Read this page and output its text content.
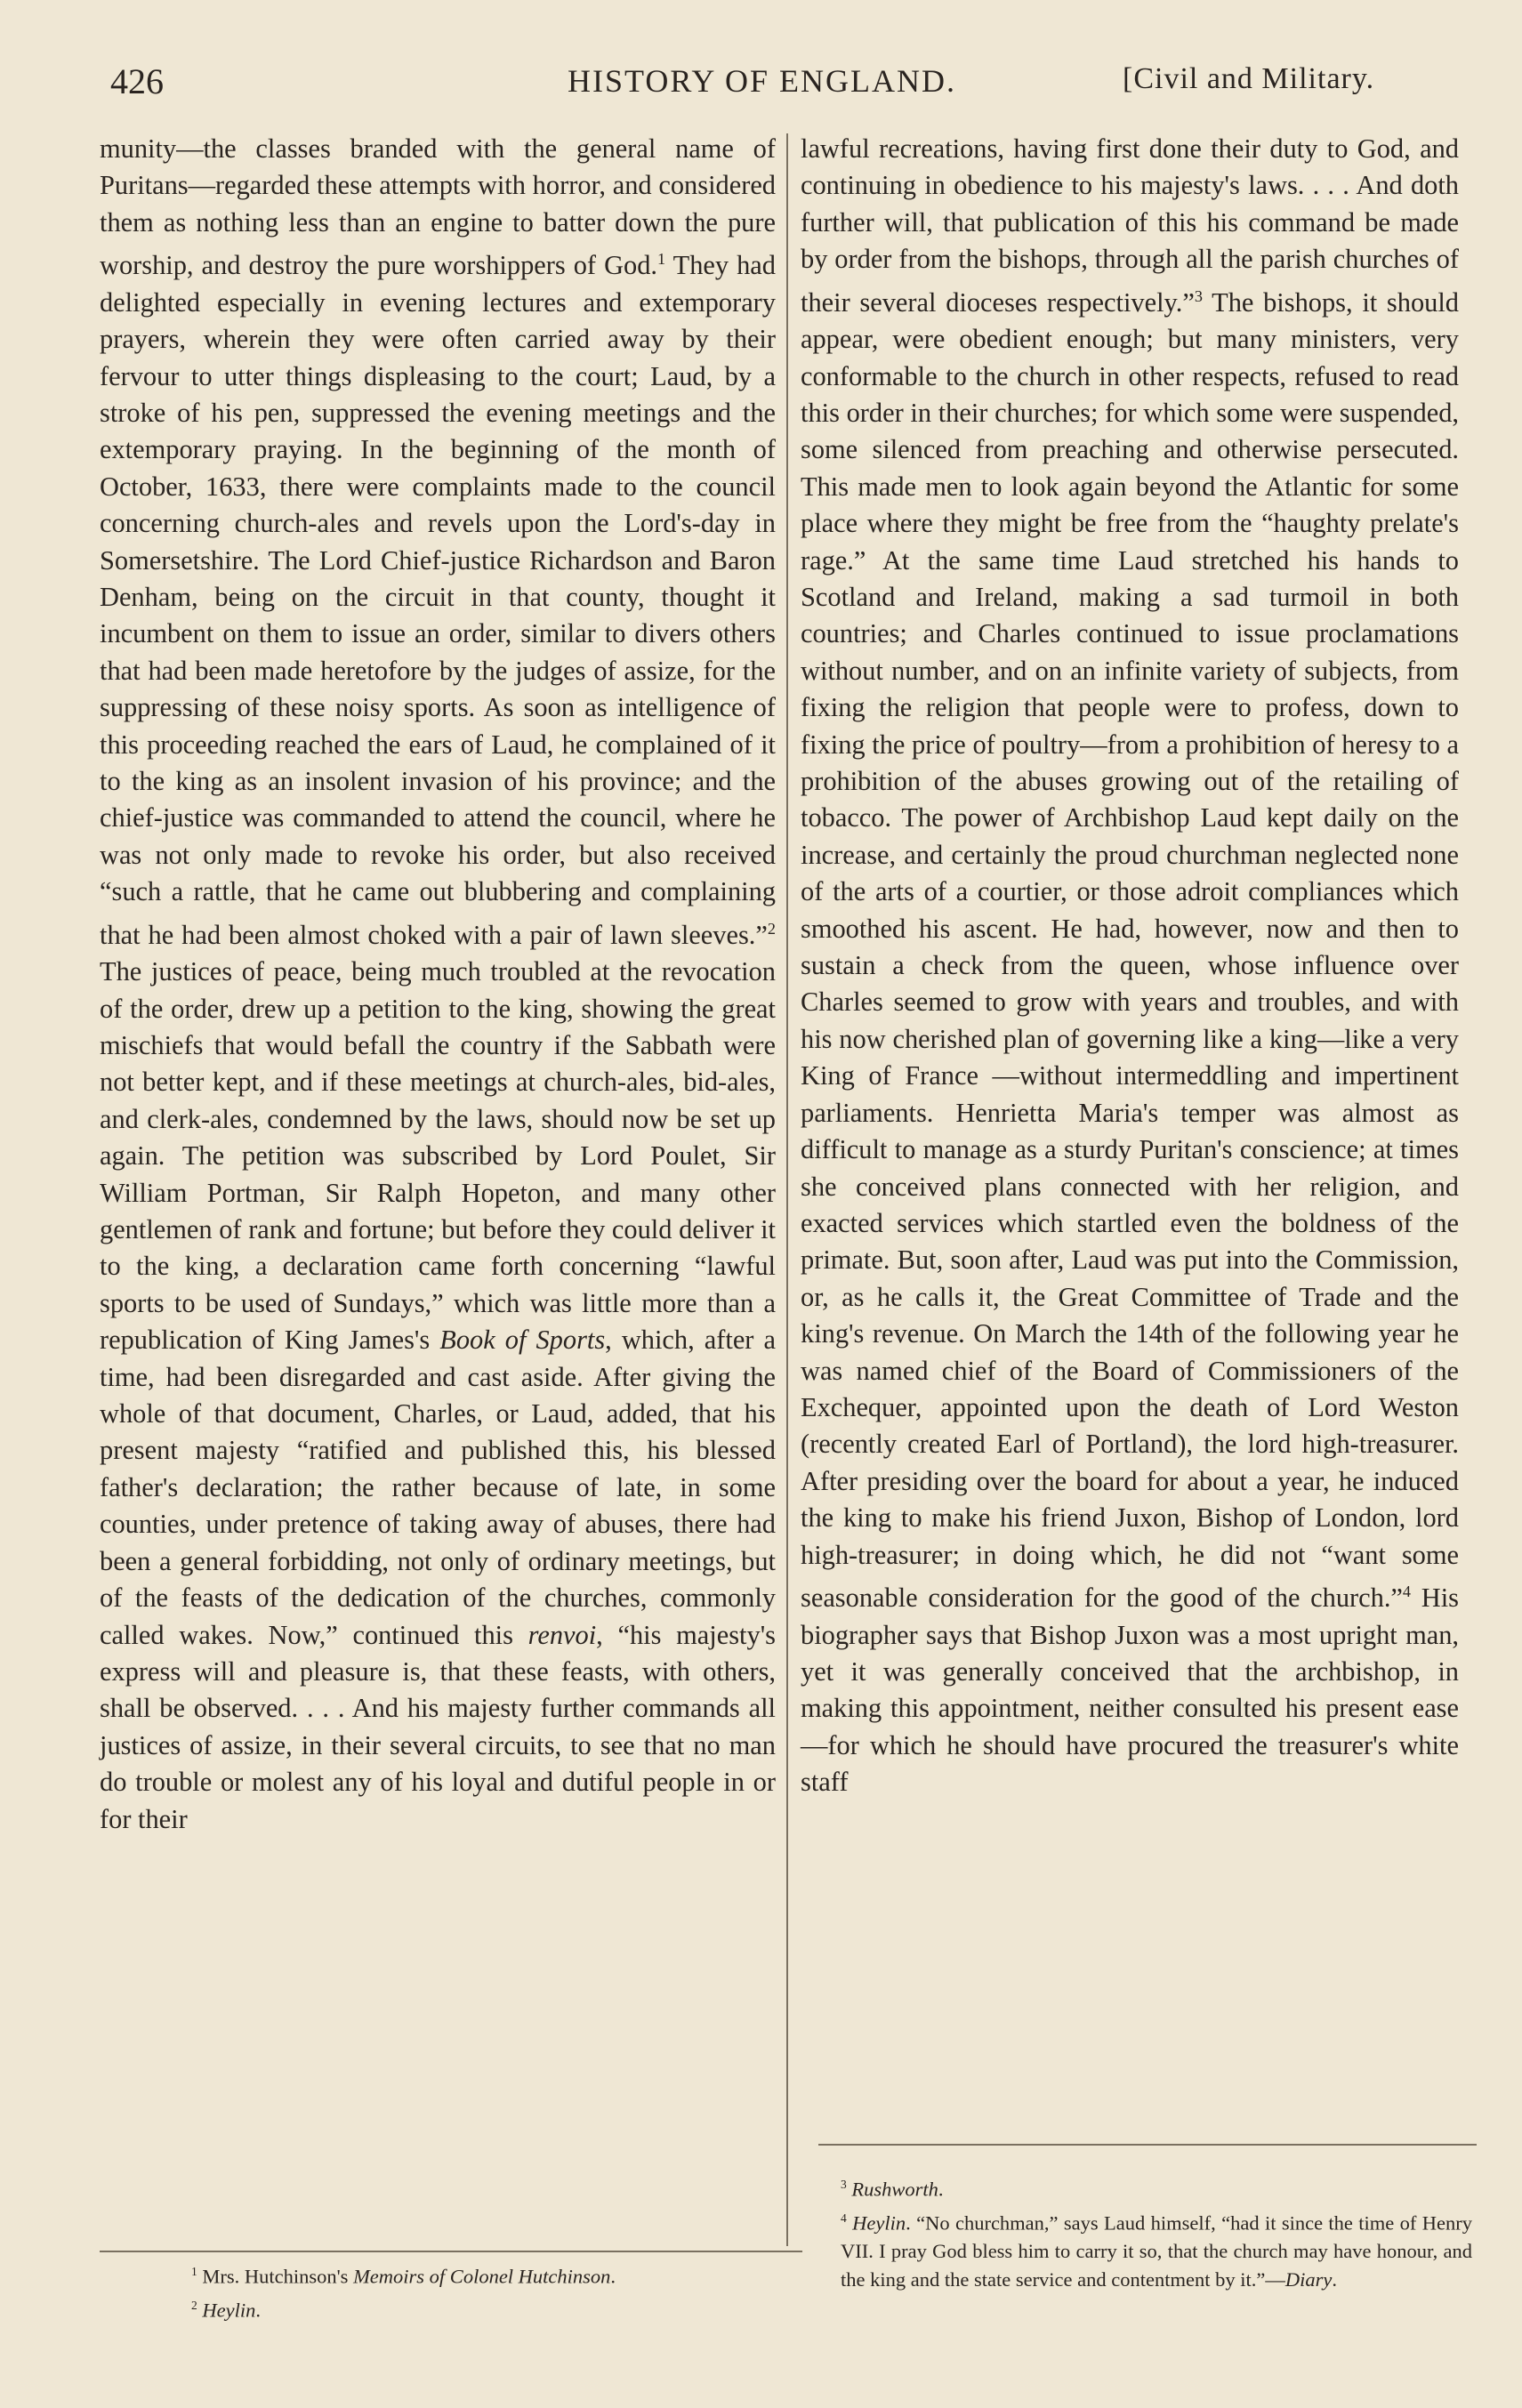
426	HISTORY OF ENGLAND.	[Civil and Military.

munity—the classes branded with the general name of Puritans—regarded these attempts with horror, and considered them as nothing less than an engine to batter down the pure worship, and destroy the pure worshippers of God.$^1$ They had delighted especially in evening lectures and extemporary prayers, wherein they were often carried away by their fervour to utter things displeasing to the court; Laud, by a stroke of his pen, suppressed the evening meetings and the extemporary praying. In the beginning of the month of October, 1633, there were complaints made to the council concerning church-ales and revels upon the Lord's-day in Somersetshire. The Lord Chief-justice Richardson and Baron Denham, being on the circuit in that county, thought it incumbent on them to issue an order, similar to divers others that had been made heretofore by the judges of assize, for the suppressing of these noisy sports. As soon as intelligence of this proceeding reached the ears of Laud, he complained of it to the king as an insolent invasion of his province; and the chief-justice was commanded to attend the council, where he was not only made to revoke his order, but also received “such a rattle, that he came out blubbering and complaining that he had been almost choked with a pair of lawn sleeves.”$^2$ The justices of peace, being much troubled at the revocation of the order, drew up a petition to the king, showing the great mischiefs that would befall the country if the Sabbath were not better kept, and if these meetings at church-ales, bid-ales, and clerk-ales, condemned by the laws, should now be set up again. The petition was subscribed by Lord Poulet, Sir William Portman, Sir Ralph Hopeton, and many other gentlemen of rank and fortune; but before they could deliver it to the king, a declaration came forth concerning “lawful sports to be used of Sundays,” which was little more than a republication of King James's Book of Sports, which, after a time, had been disregarded and cast aside. After giving the whole of that document, Charles, or Laud, added, that his present majesty “ratified and published this, his blessed father's declaration; the rather because of late, in some counties, under pretence of taking away of abuses, there had been a general forbidding, not only of ordinary meetings, but of the feasts of the dedication of the churches, commonly called wakes. Now,” continued this renvoi, “his majesty's express will and pleasure is, that these feasts, with others, shall be observed. . . . And his majesty further commands all justices of assize, in their several circuits, to see that no man do trouble or molest any of his loyal and dutiful people in or for their

lawful recreations, having first done their duty to God, and continuing in obedience to his majesty's laws. . . . And doth further will, that publication of this his command be made by order from the bishops, through all the parish churches of their several dioceses respectively.”$^3$ The bishops, it should appear, were obedient enough; but many ministers, very conformable to the church in other respects, refused to read this order in their churches; for which some were suspended, some silenced from preaching and otherwise persecuted. This made men to look again beyond the Atlantic for some place where they might be free from the “haughty prelate's rage.” At the same time Laud stretched his hands to Scotland and Ireland, making a sad turmoil in both countries; and Charles continued to issue proclamations without number, and on an infinite variety of subjects, from fixing the religion that people were to profess, down to fixing the price of poultry—from a prohibition of heresy to a prohibition of the abuses growing out of the retailing of tobacco. The power of Archbishop Laud kept daily on the increase, and certainly the proud churchman neglected none of the arts of a courtier, or those adroit compliances which smoothed his ascent. He had, however, now and then to sustain a check from the queen, whose influence over Charles seemed to grow with years and troubles, and with his now cherished plan of governing like a king—like a very King of France —without intermeddling and impertinent parliaments. Henrietta Maria's temper was almost as difficult to manage as a sturdy Puritan's conscience; at times she conceived plans connected with her religion, and exacted services which startled even the boldness of the primate. But, soon after, Laud was put into the Commission, or, as he calls it, the Great Committee of Trade and the king's revenue. On March the 14th of the following year he was named chief of the Board of Commissioners of the Exchequer, appointed upon the death of Lord Weston (recently created Earl of Portland), the lord high-treasurer. After presiding over the board for about a year, he induced the king to make his friend Juxon, Bishop of London, lord high-treasurer; in doing which, he did not “want some seasonable consideration for the good of the church.”$^4$ His biographer says that Bishop Juxon was a most upright man, yet it was generally conceived that the archbishop, in making this appointment, neither consulted his present ease—for which he should have procured the treasurer's white staff

$^1$ Mrs. Hutchinson's Memoirs of Colonel Hutchinson.

$^2$ Heylin.

$^3$ Rushworth.

$^4$ Heylin. “No churchman,” says Laud himself, “had it since the time of Henry VII. I pray God bless him to carry it so, that the church may have honour, and the king and the state service and contentment by it.”—Diary.
